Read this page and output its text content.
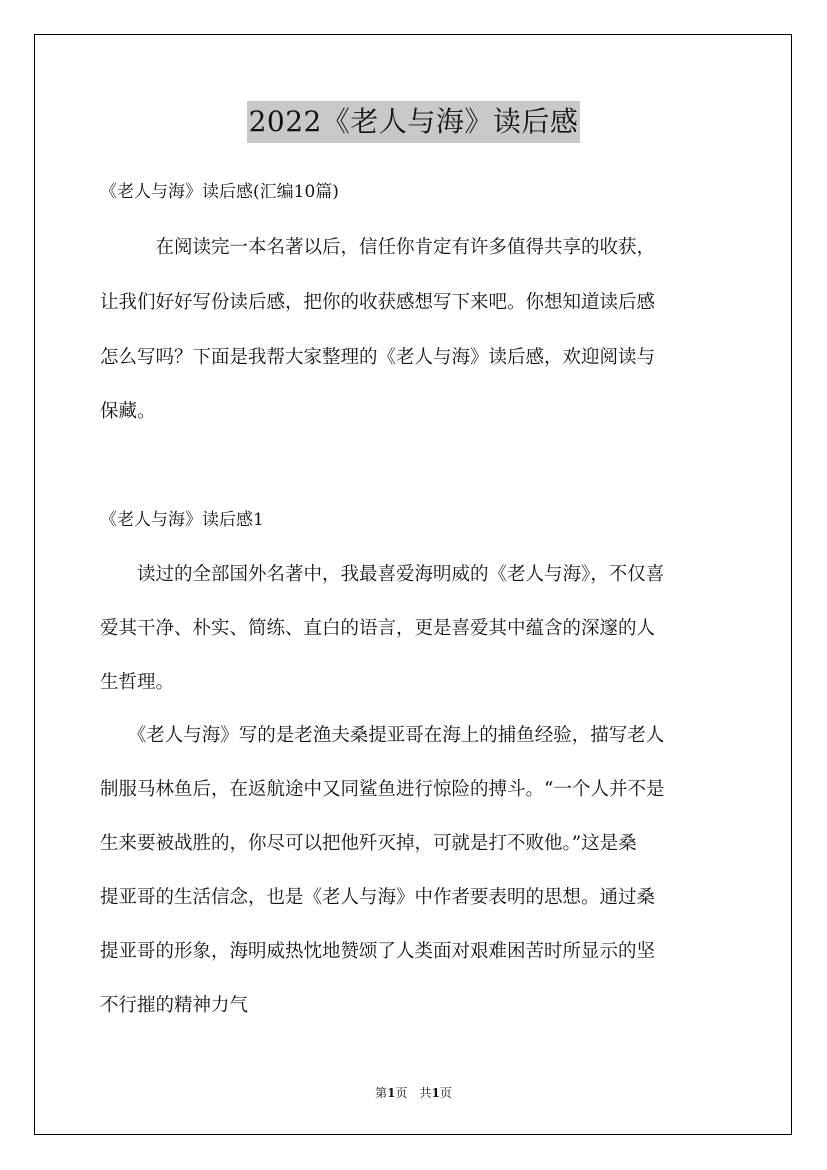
2022《老人与海》读后感
《老人与海》读后感(汇编10篇)
　　　在阅读完一本名著以后，信任你肯定有许多值得共享的收获，
让我们好好写份读后感，把你的收获感想写下来吧。你想知道读后感
怎么写吗？下面是我帮大家整理的《老人与海》读后感，欢迎阅读与
保藏。
《老人与海》读后感1
　　读过的全部国外名著中，我最喜爱海明威的《老人与海》，不仅喜
爱其干净、朴实、简练、直白的语言，更是喜爱其中蕴含的深邃的人
生哲理。
　　《老人与海》写的是老渔夫桑提亚哥在海上的捕鱼经验，描写老人
制服马林鱼后，在返航途中又同鲨鱼进行惊险的搏斗。“一个人并不是
生来要被战胜的，你尽可以把他歼灭掉，可就是打不败他。”这是桑
提亚哥的生活信念，也是《老人与海》中作者要表明的思想。通过桑
提亚哥的形象，海明威热忱地赞颂了人类面对艰难困苦时所显示的坚
不行摧的精神力气
第1页　共1页
